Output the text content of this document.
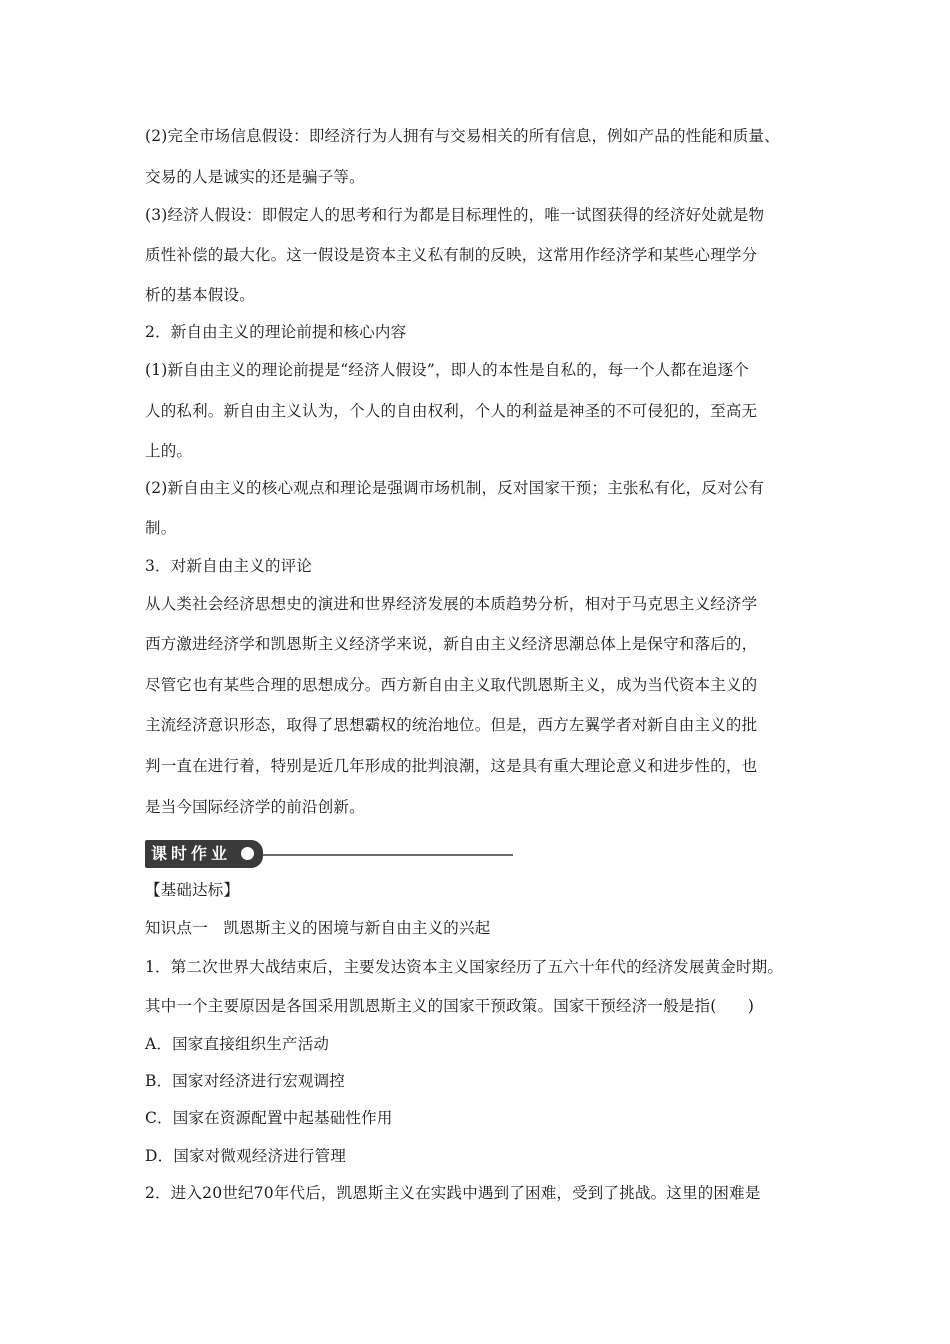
(2)完全市场信息假设：即经济行为人拥有与交易相关的所有信息，例如产品的性能和质量、
交易的人是诚实的还是骗子等。
(3)经济人假设：即假定人的思考和行为都是目标理性的，唯一试图获得的经济好处就是物
质性补偿的最大化。这一假设是资本主义私有制的反映，这常用作经济学和某些心理学分
析的基本假设。
2．新自由主义的理论前提和核心内容
(1)新自由主义的理论前提是“经济人假设”，即人的本性是自私的，每一个人都在追逐个
人的私利。新自由主义认为，个人的自由权利，个人的利益是神圣的不可侵犯的，至高无
上的。
(2)新自由主义的核心观点和理论是强调市场机制，反对国家干预；主张私有化，反对公有
制。
3．对新自由主义的评论
从人类社会经济思想史的演进和世界经济发展的本质趋势分析，相对于马克思主义经济学
西方激进经济学和凯恩斯主义经济学来说，新自由主义经济思潮总体上是保守和落后的，
尽管它也有某些合理的思想成分。西方新自由主义取代凯恩斯主义，成为当代资本主义的
主流经济意识形态，取得了思想霸权的统治地位。但是，西方左翼学者对新自由主义的批
判一直在进行着，特别是近几年形成的批判浪潮，这是具有重大理论意义和进步性的，也
是当今国际经济学的前沿创新。
课时作业
【基础达标】
知识点一　凯恩斯主义的困境与新自由主义的兴起
1．第二次世界大战结束后，主要发达资本主义国家经历了五六十年代的经济发展黄金时期。
其中一个主要原因是各国采用凯恩斯主义的国家干预政策。国家干预经济一般是指(　　)
A．国家直接组织生产活动
B．国家对经济进行宏观调控
C．国家在资源配置中起基础性作用
D．国家对微观经济进行管理
2．进入20世纪70年代后，凯恩斯主义在实践中遇到了困难，受到了挑战。这里的困难是
